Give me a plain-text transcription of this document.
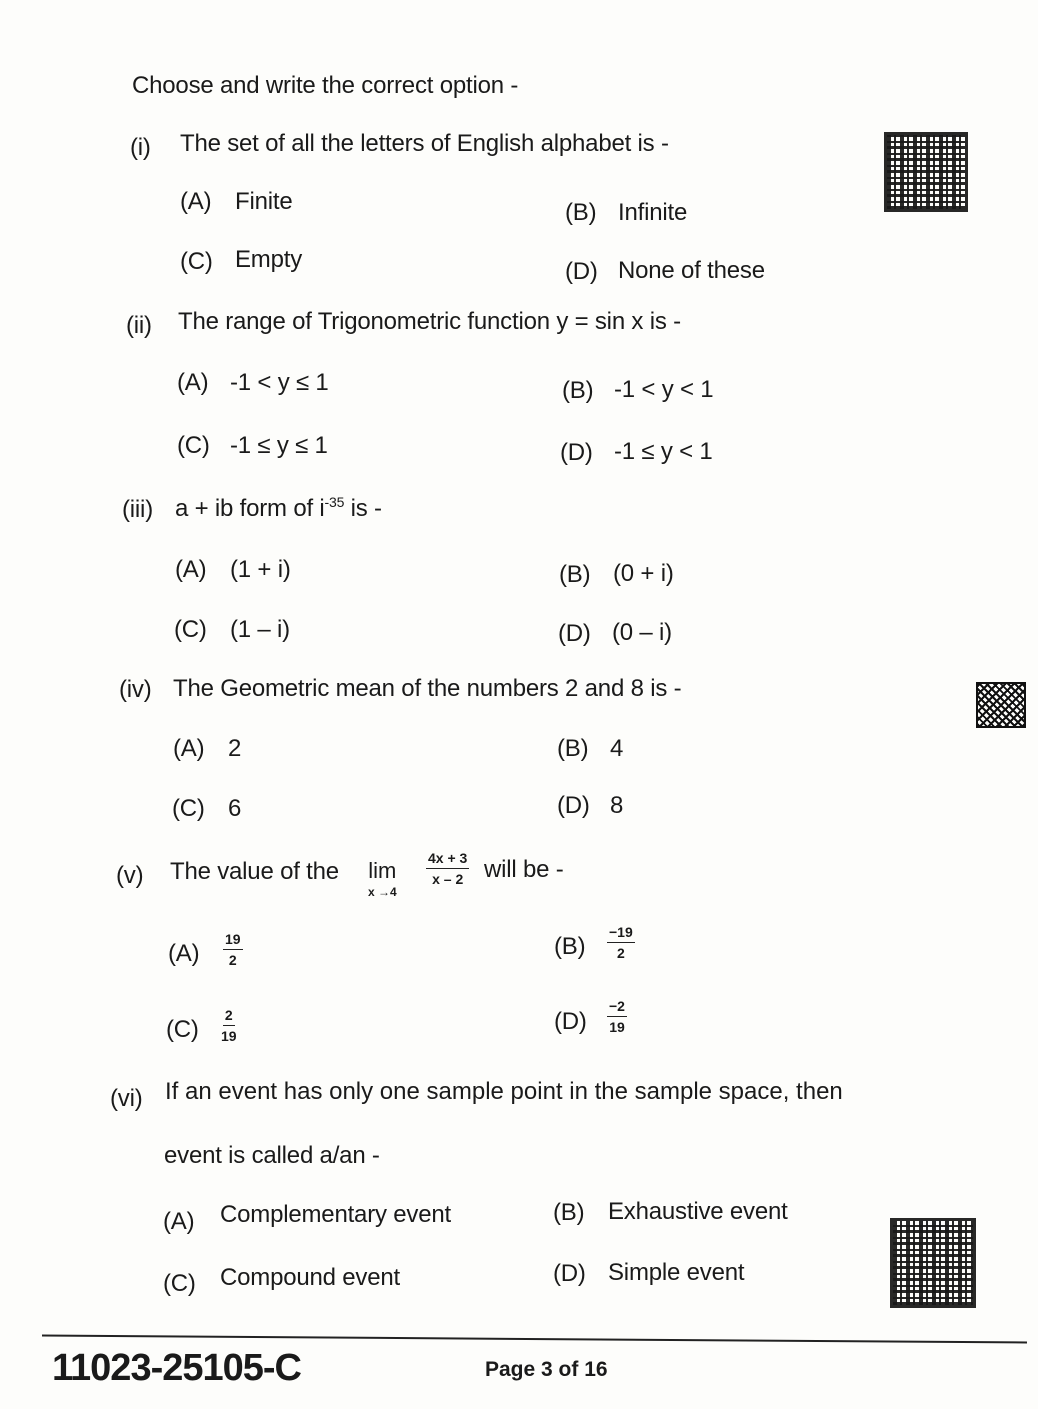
Choose and write the correct option -
(i) The set of all the letters of English alphabet is -
(A) Finite	(B) Infinite
(C) Empty	(D) None of these
(ii) The range of Trigonometric function y = sin x is -
(A) -1 < y ≤ 1	(B) -1 < y < 1
(C) -1 ≤ y ≤ 1	(D) -1 ≤ y < 1
(iii) a + ib form of $i^{-35}$ is -
(A) (1 + i)	(B) (0 + i)
(C) (1 – i)	(D) (0 – i)
(iv) The Geometric mean of the numbers 2 and 8 is -
(A) 2	(B) 4
(C) 6	(D) 8
(v) The value of the lim
x →4
$\frac{4x + 3}{x - 2}$ will be -
$(A) \frac{19}{2}$	$(B) \frac{-19}{2}$
$(C) \frac{2}{19}$	$(D) \frac{-2}{19}$
(vi) If an event has only one sample point in the sample space, then
event is called a/an -
(A) Complementary event	(B) Exhaustive event
(C) Compound event	(D) Simple event
11023-25105-C	Page 3 of 16
